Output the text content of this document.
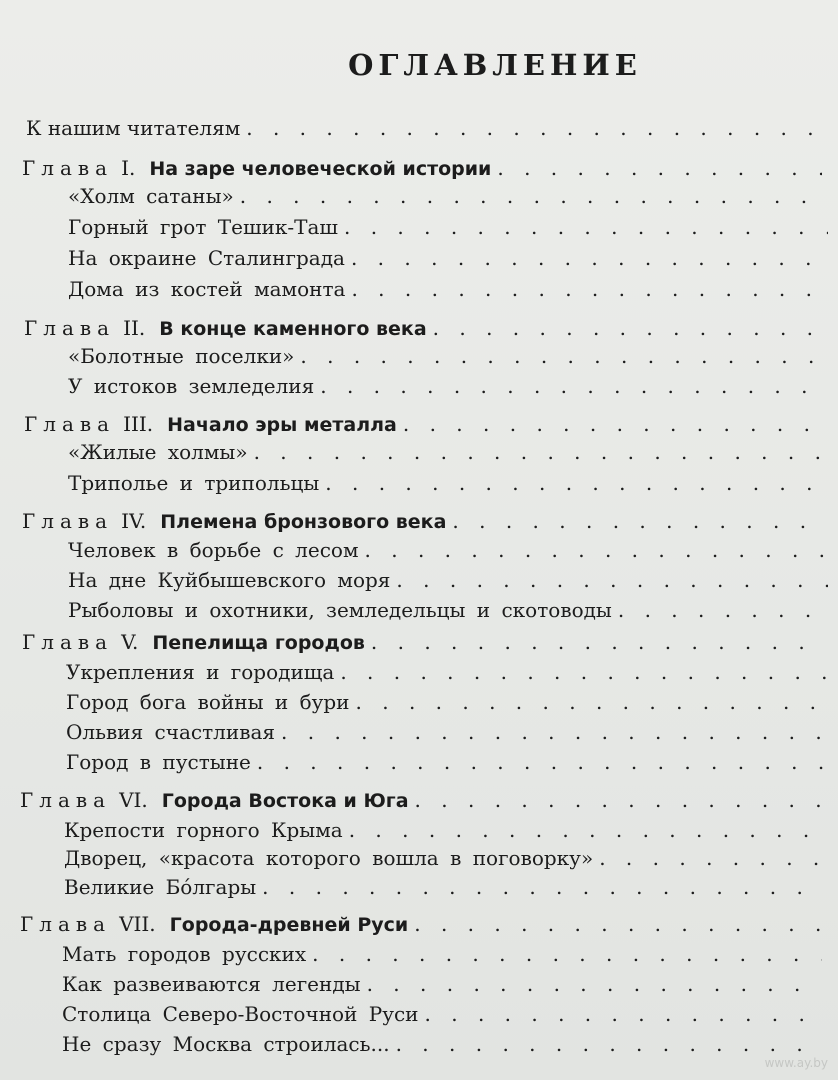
ОГЛАВЛЕНИЕ
К нашим читателям
. . .
Глава I. На заре человеческой истории
. . .
«Холм сатаны»
. . .
Горный грот Тешик-Таш
. . .
На окраине Сталинграда
. . .
Дома из костей мамонта
. . .
Глава II. В конце каменного века
. . .
«Болотные поселки»
. . .
У истоков земледелия
. . .
Глава III. Начало эры металла
. . .
«Жилые холмы»
. . .
Триполье и трипольцы
. . .
Глава IV. Племена бронзового века
. . .
Человек в борьбе с лесом
. . .
На дне Куйбышевского моря
. . .
Рыболовы и охотники, земледельцы и скотоводы
. . .
Глава V. Пепелища городов
. . .
Укрепления и городища
. . .
Город бога войны и бури
. . .
Ольвия счастливая
. . .
Город в пустыне
. . .
Глава VI. Города Востока и Юга
. . .
Крепости горного Крыма
. . .
Дворец, «красота которого вошла в поговорку»
. . .
Великие Бóлгары
. . .
Глава VII. Города-древней Руси
. . .
Мать городов русских
. . .
Как развеиваются легенды
. . .
Столица Северо-Восточной Руси
. . .
Не сразу Москва строилась...
. . .
www.ay.by
